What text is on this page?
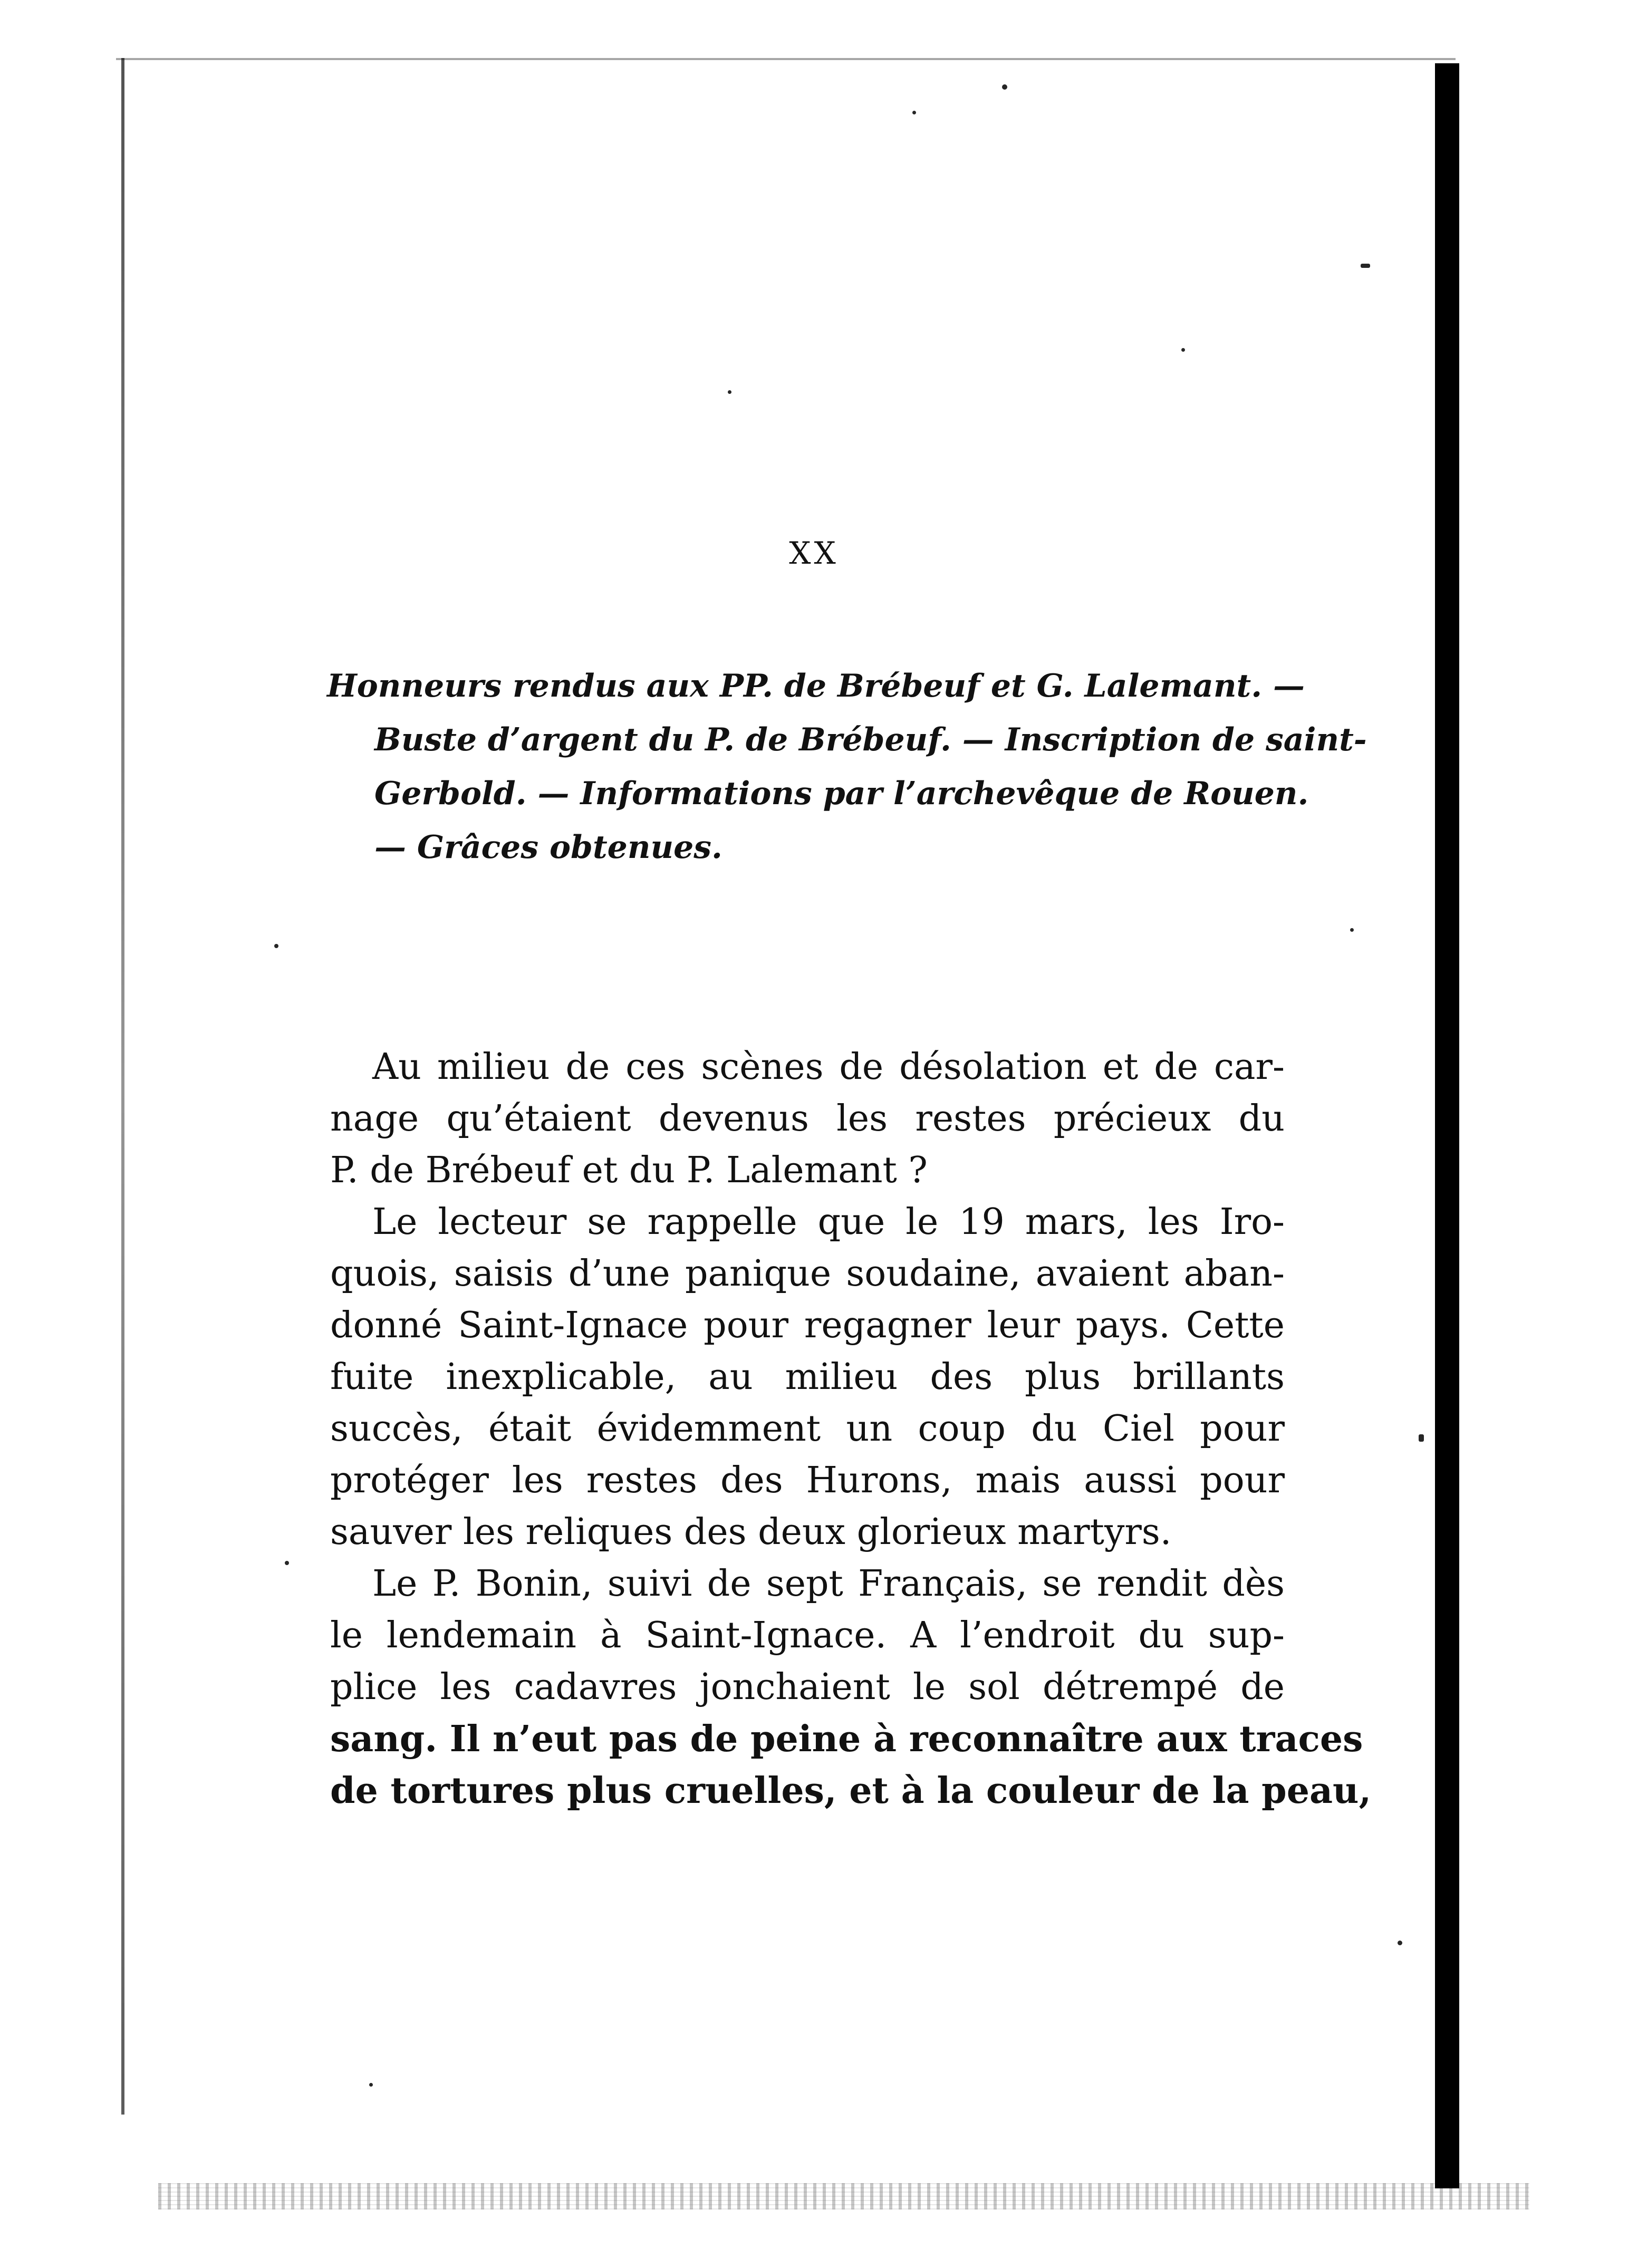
XX
Honneurs rendus aux PP. de Brébeuf et G. Lalemant. —
Buste d’argent du P. de Brébeuf. — Inscription de saint-
Gerbold. — Informations par l’archevêque de Rouen.
— Grâces obtenues.
Au milieu de ces scènes de désolation et de car-
nage qu’étaient devenus les restes précieux du
P. de Brébeuf et du P. Lalemant ?
Le lecteur se rappelle que le 19 mars, les Iro-
quois, saisis d’une panique soudaine, avaient aban-
donné Saint-Ignace pour regagner leur pays. Cette
fuite inexplicable, au milieu des plus brillants
succès, était évidemment un coup du Ciel pour
protéger les restes des Hurons, mais aussi pour
sauver les reliques des deux glorieux martyrs.
Le P. Bonin, suivi de sept Français, se rendit dès
le lendemain à Saint-Ignace. A l’endroit du sup-
plice les cadavres jonchaient le sol détrempé de
sang. Il n’eut pas de peine à reconnaître aux traces
de tortures plus cruelles, et à la couleur de la peau,
